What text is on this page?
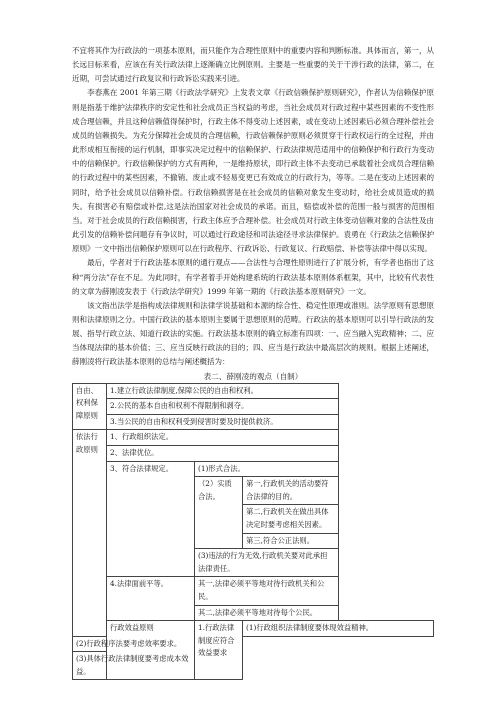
不宜将其作为行政法的一项基本原则，而只能作为合理性原则中的重要内容和判断标准。具体而言，第一，从长远目标来看，应该在有关行政法律上逐渐确立比例原则。主要是一些重要的关于干涉行政的法律，第二，在近期，可尝试通过行政复议和行政诉讼实践来引进。

李春燕在 2001 年第三期《行政法学研究》上发表文章《行政信赖保护原则研究》，作者认为信赖保护原则是指基于维护法律秩序的安定性和社会成员正当权益的考虑，当社会成员对行政过程中某些因素的不变性形成合理信赖，并且这种信赖值得保护时，行政主体不得变动上述因素，或在变动上述因素后必须合理补偿社会成员的信赖损失。为充分保障社会成员的合理信赖，行政信赖保护原则必须贯穿于行政权运行的全过程，并由此形成相互衔接的运行机制，即事实决定过程中的信赖保护、行政法律规范适用中的信赖保护和行政行为变动中的信赖保护。行政信赖保护的方式有两种，一是维持原状，即行政主体不去变动已承载着社会成员合理信赖的行政过程中的某些因素，不撤销、废止或不轻易变更已有效成立的行政行为，等等。二是在变动上述因素的同时，给予社会成员以信赖补偿。行政信赖损害是在社会成员的信赖对象发生变动时，给社会成员造成的损失。有损害必有赔偿或补偿,这是法治国家对社会成员的承诺。而且，赔偿或补偿的范围一般与损害的范围相当。对于社会成员的行政信赖损害，行政主体应予合理补偿。社会成员对行政主体变动信赖对象的合法性及由此引发的信赖补偿问题存有争议时，可以通过行政途径和司法途径寻求法律保护。袁勇在《行政法之信赖保护原则》一文中指出信赖保护原则可以在行政程序、行政诉讼、行政复议、行政赔偿、补偿等法律中得以实现。

最后，学者对于行政法基本原则的通行观点——合法性与合理性原则进行了扩展分析，有学者也指出了这种“两分法”存在不足。为此同时，有学者着手开始构建系统的行政法基本原则体系框架，其中，比较有代表性的文章为薛刚凌发表于《行政法学研究》1999 年第一期的《行政法基本原则研究》一文。

该文指出法学是指构成法律规则和法律学说基础和本源的综合性、稳定性原理或准则。法学原则有思想原则和法律原则之分。中国行政法的基本原则主要属于思想原则的范畴。行政法的基本原则可以引导行政法的发展、指导行政立法、知道行政法的实施。行政法基本原则的确立标准有四项：一、应当融入宪政精神；二、应当体现法律的基本价值；三、应当反映行政法的目的；四、应当是行政法中最高层次的规则。根据上述阐述，薛刚凌将行政法基本原则的总结与阐述概括为：

表二、薛刚凌的观点（自制）

自由、权利保障原则	1.建立行政法律制度,保障公民的自由和权利。		
	2.公民的基本自由和权利不得限制和剥夺。		
	3.当公民的自由和权利受到侵害时要及时提供救济。		
依法行政原则	1、行政组织法定。		
	2、法律优位。		
	3、符合法律规定。	(1)形式合法。	
		（2）实质合法。	第一,行政机关的活动要符合法律的目的。
			第二,行政机关在做出具体决定时要考虑相关因素。
			第三,符合公正法则。
		(3)违法的行为无效,行政机关要对此承担法律责任。	
	4.法律面前平等。	其一,法律必须平等地对待行政机关和公民。	
		其二,法律必须平等地对待每个公民。	
	行政效益原则	1.行政法律制度应符合效益要求	(1)行政组织法律制度要体现效益精神。
(2)行政程序法要考虑效率要求。			
(3)具体行政法律制度要考虑成本效益。			
